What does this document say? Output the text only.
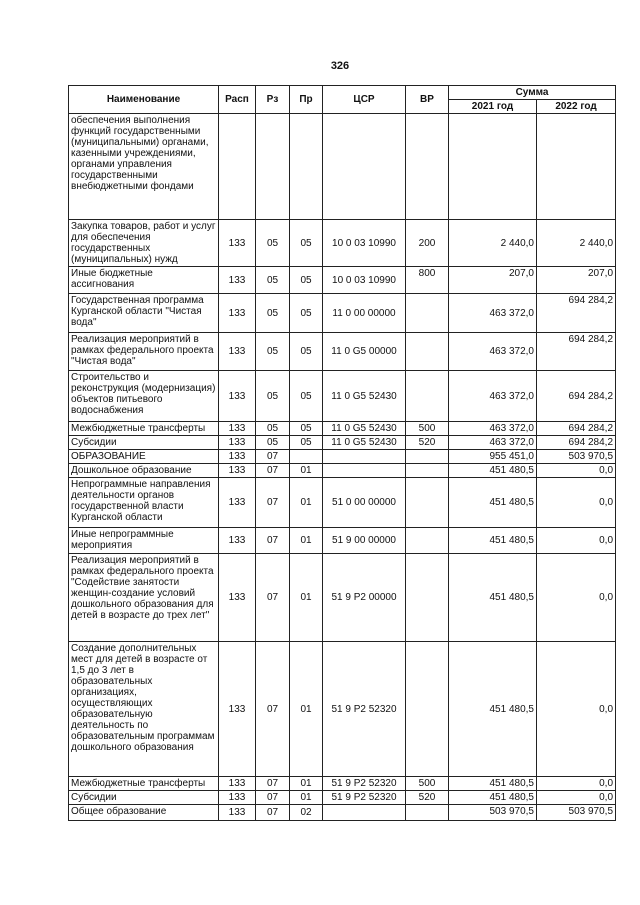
326
Наименование	Расп	Рз	Пр	ЦСР	ВР	Сумма	
						2021 год	2022 год
обеспечения выполнения функций государственными (муниципальными) органами, казенными учреждениями, органами управления государственными внебюджетными фондами							
Закупка товаров, работ и услуг для обеспечения государственных (муниципальных) нужд	133	05	05	10 0 03 10990	200	2 440,0	2 440,0
Иные бюджетные ассигнования	133	05	05	10 0 03 10990	800	207,0	207,0
Государственная программа Курганской области "Чистая вода"	133	05	05	11 0 00 00000		463 372,0	694 284,2
Реализация мероприятий в рамках федерального проекта "Чистая вода"	133	05	05	11 0 G5 00000		463 372,0	694 284,2
Строительство и реконструкция (модернизация) объектов питьевого водоснабжения	133	05	05	11 0 G5 52430		463 372,0	694 284,2
Межбюджетные трансферты	133	05	05	11 0 G5 52430	500	463 372,0	694 284,2
Субсидии	133	05	05	11 0 G5 52430	520	463 372,0	694 284,2
ОБРАЗОВАНИЕ	133	07				955 451,0	503 970,5
Дошкольное образование	133	07	01			451 480,5	0,0
Непрограммные направления деятельности органов государственной власти Курганской области	133	07	01	51 0 00 00000		451 480,5	0,0
Иные непрограммные мероприятия	133	07	01	51 9 00 00000		451 480,5	0,0
Реализация мероприятий в рамках федерального проекта "Содействие занятости женщин-создание условий дошкольного образования для детей в возрасте до трех лет"	133	07	01	51 9 P2 00000		451 480,5	0,0
Создание дополнительных мест для детей в возрасте от 1,5 до 3 лет в образовательных организациях, осуществляющих образовательную деятельность по образовательным программам дошкольного образования	133	07	01	51 9 P2 52320		451 480,5	0,0
Межбюджетные трансферты	133	07	01	51 9 P2 52320	500	451 480,5	0,0
Субсидии	133	07	01	51 9 P2 52320	520	451 480,5	0,0
Общее образование	133	07	02			503 970,5	503 970,5
